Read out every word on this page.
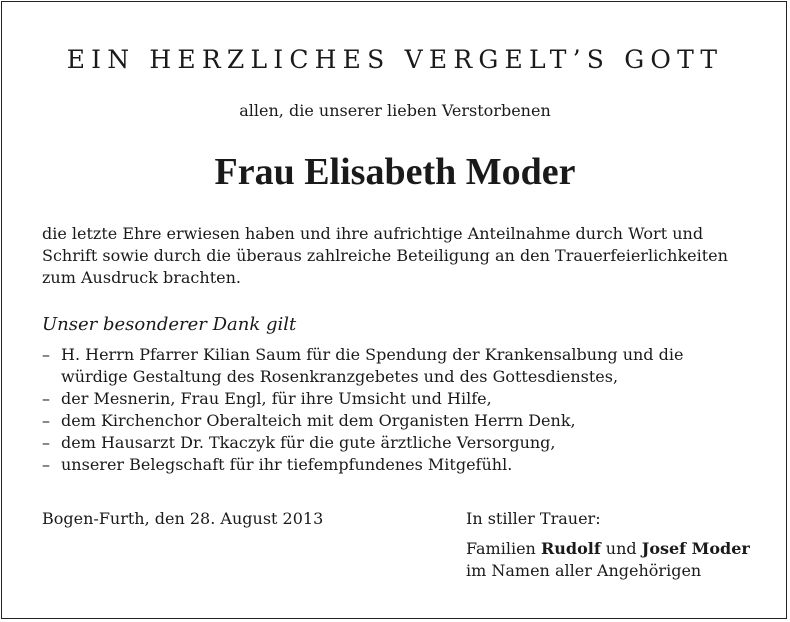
EIN HERZLICHES VERGELT’S GOTT
allen, die unserer lieben Verstorbenen
Frau Elisabeth Moder
die letzte Ehre erwiesen haben und ihre aufrichtige Anteilnahme durch Wort und
Schrift sowie durch die überaus zahlreiche Beteiligung an den Trauerfeierlichkeiten
zum Ausdruck brachten.
Unser besonderer Dank gilt
– H. Herrn Pfarrer Kilian Saum für die Spendung der Krankensalbung und die
würdige Gestaltung des Rosenkranzgebetes und des Gottesdienstes,
– der Mesnerin, Frau Engl, für ihre Umsicht und Hilfe,
– dem Kirchenchor Oberalteich mit dem Organisten Herrn Denk,
– dem Hausarzt Dr. Tkaczyk für die gute ärztliche Versorgung,
– unserer Belegschaft für ihr tiefempfundenes Mitgefühl.
Bogen-Furth, den 28. August 2013	In stiller Trauer:
Familien Rudolf und Josef Moder
im Namen aller Angehörigen
